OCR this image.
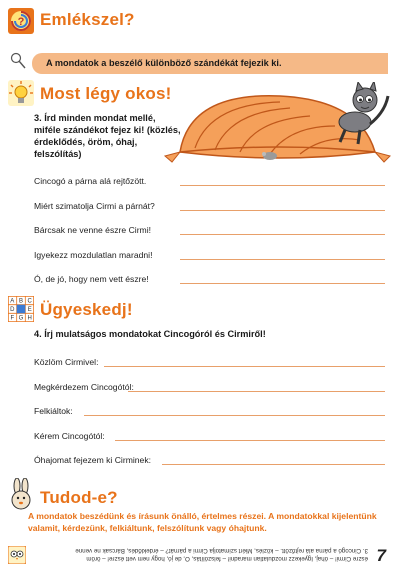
? Emlékszel?
A mondatok a beszélő különböző szándékát fejezik ki.
Most légy okos!
3. Írd minden mondat mellé, miféle szándékot fejez ki! (közlés, érdeklődés, öröm, óhaj, felszólítás)
Cincogó a párna alá rejtőzött.
Miért szimatolja Cirmi a párnát?
Bárcsak ne venne észre Cirmi!
Igyekezz mozdulatlan maradni!
Ó, de jó, hogy nem vett észre!
A B C
D E
F G H Ügyeskedj!
4. Írj mulatságos mondatokat Cincogóról és Cirmiről!
Közlöm Cirmivel:
Megkérdezem Cincogótól:
Felkiáltok:
Kérem Cincogótól:
Óhajomat fejezem ki Cirminek:
Tudod-e?
A mondatok beszédünk és írásunk önálló, értelmes részei. A mondatokkal kijelentünk valamit, kérdezünk, felkiáltunk, felszólítunk vagy óhajtunk.
észre Cirmi! – óhaj, Igyekezz mozdulatlan maradni! – felszólítás, Ó, de jó, hogy nem vett észre! – öröm
3. Cincogó a párna alá rejtőzött. – közlés, Miért szimatolja Cirmi a párnát? – érdeklődés, Bárcsak ne venne 7
